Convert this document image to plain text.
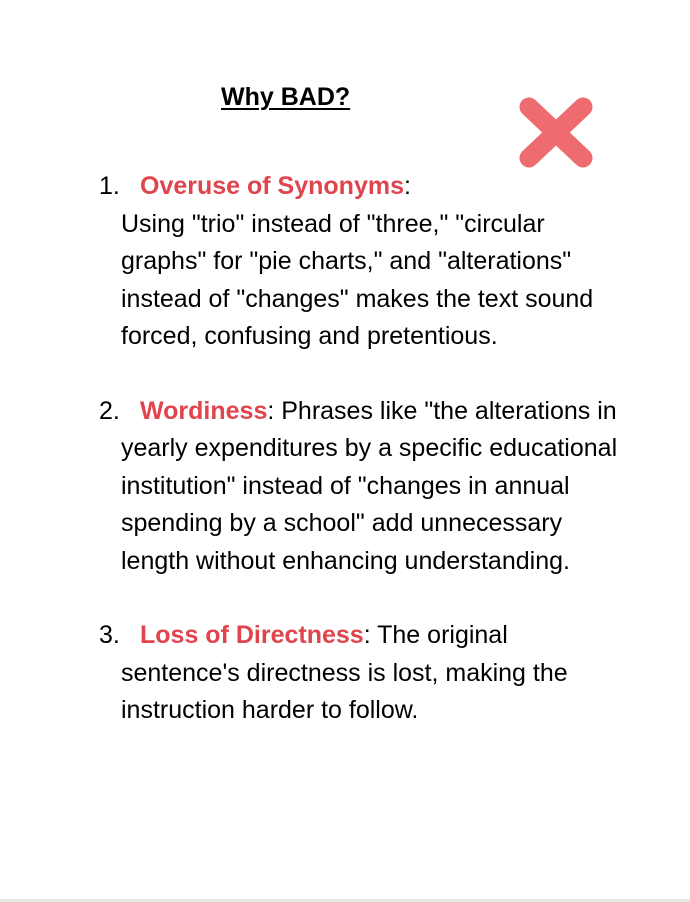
Why BAD?
1. Overuse of Synonyms:
Using "trio" instead of "three," "circular graphs" for "pie charts," and "alterations" instead of "changes" makes the text sound forced, confusing and pretentious.
2. Wordiness: Phrases like "the alterations in yearly expenditures by a specific educational institution" instead of "changes in annual spending by a school" add unnecessary length without enhancing understanding.
3. Loss of Directness: The original sentence's directness is lost, making the instruction harder to follow.
